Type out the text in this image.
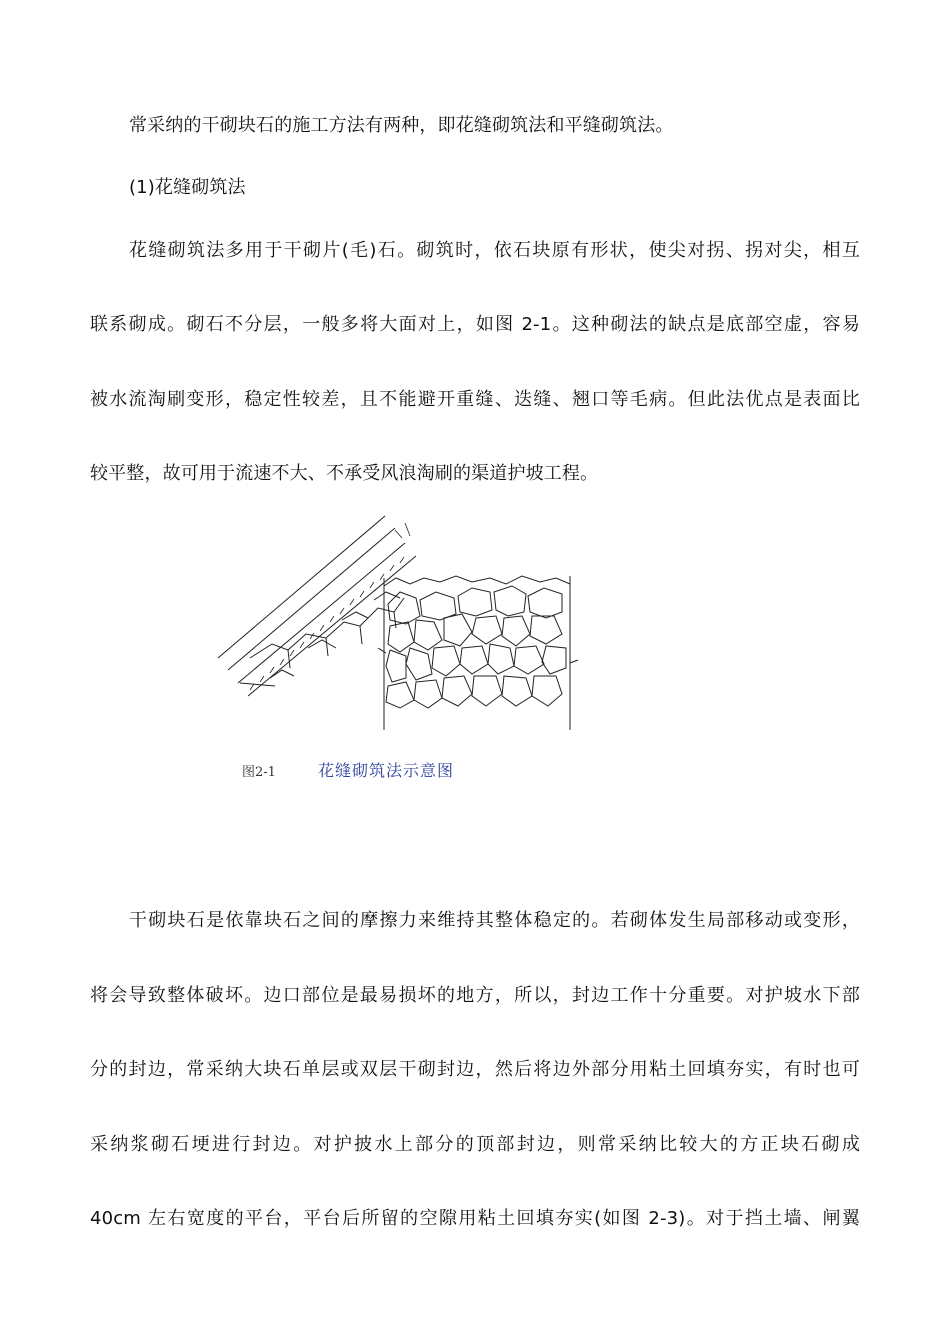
常采纳的干砌块石的施工方法有两种，即花缝砌筑法和平缝砌筑法。
(1)花缝砌筑法
花缝砌筑法多用于干砌片(毛)石。砌筑时，依石块原有形状，使尖对拐、拐对尖，相互
联系砌成。砌石不分层，一般多将大面对上，如图 2-1。这种砌法的缺点是底部空虚，容易
被水流淘刷变形，稳定性较差，且不能避开重缝、迭缝、翘口等毛病。但此法优点是表面比
较平整，故可用于流速不大、不承受风浪淘刷的渠道护坡工程。
图2-1	花缝砌筑法示意图
干砌块石是依靠块石之间的摩擦力来维持其整体稳定的。若砌体发生局部移动或变形，
将会导致整体破坏。边口部位是最易损坏的地方，所以，封边工作十分重要。对护坡水下部
分的封边，常采纳大块石单层或双层干砌封边，然后将边外部分用粘土回填夯实，有时也可
采纳浆砌石埂进行封边。对护披水上部分的顶部封边，则常采纳比较大的方正块石砌成
40cm 左右宽度的平台，平台后所留的空隙用粘土回填夯实(如图 2-3)。对于挡土墙、闸翼
